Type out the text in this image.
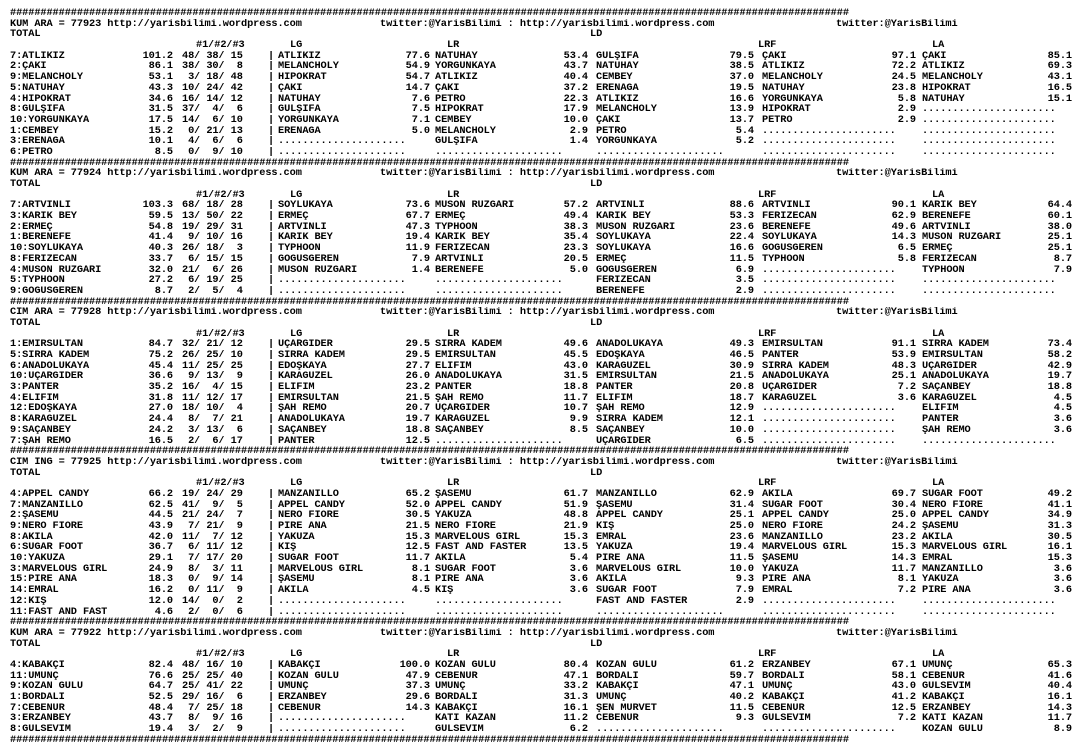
##########################################################################################################################################
KUM ARA = 77923 http://yarisbilimi.wordpress.com	twitter:@YarisBilimi : http://yarisbilimi.wordpress.com	twitter:@YarisBilimi
TOTAL	LD
#1/#2/#3	LG	LR	LRF	LA
7:ATLIKIZ	101.2 48/ 38/ 15	| ATLIKIZ	77.6 NATUHAY	53.4 GÜLŞİFA	79.5 ÇAKI	97.1 ÇAKI	85.1
2:ÇAKI	86.1 38/ 30/  8	| MELANCHOLY	54.9 YORGUNKAYA	43.7 NATUHAY	38.5 ATLIKIZ	72.2 ATLIKIZ	69.3
9:MELANCHOLY	53.1 3/ 18/ 48	| HİPOKRAT	54.7 ATLIKIZ	40.4 CEMBEY	37.0 MELANCHOLY	24.5 MELANCHOLY	43.1
5:NATUHAY	43.3 10/ 24/ 42	| ÇAKI	14.7 ÇAKI	37.2 ERENAĞA	19.5 NATUHAY	23.8 HİPOKRAT	16.5
4:HİPOKRAT	34.6 16/ 14/ 12	| NATUHAY	7.6 PETRO	22.3 ATLIKIZ	16.6 YORGUNKAYA	5.8 NATUHAY	15.1
8:GÜLŞİFA	31.5 37/  4/  6	| GÜLŞİFA	7.5 HİPOKRAT	17.9 MELANCHOLY	13.9 HİPOKRAT	2.9 ......................
10:YORGUNKAYA	17.5 14/  6/ 10	| YORGUNKAYA	7.1 CEMBEY	10.0 ÇAKI	13.7 PETRO	2.9 ......................
1:CEMBEY	15.2 0/ 21/ 13	| ERENAĞA	5.0 MELANCHOLY	2.9 PETRO	5.4 ......................	......................
3:ERENAĞA	10.1 4/  6/  6	| .....................	GÜLŞİFA	1.4 YORGUNKAYA	5.2 ......................	......................
6:PETRO	8.5 0/  9/ 10	| .....................	.....................	.....................	......................	......................
##########################################################################################################################################
KUM ARA = 77924 http://yarisbilimi.wordpress.com	twitter:@YarisBilimi : http://yarisbilimi.wordpress.com	twitter:@YarisBilimi
TOTAL	LD
#1/#2/#3	LG	LR	LRF	LA
7:ARTVİNLİ	103.3 68/ 18/ 28	| SOYLUKAYA	73.6 MUSON RÜZGARI	57.2 ARTVİNLİ	88.6 ARTVİNLİ	90.1 KARIK BEY	64.4
3:KARIK BEY	59.5 13/ 50/ 22	| ERMEÇ	67.7 ERMEÇ	49.4 KARIK BEY	53.3 FERİZECAN	62.9 BERENEFE	60.1
2:ERMEÇ	54.8 19/ 29/ 31	| ARTVİNLİ	47.3 TYPHOON	38.3 MUSON RÜZGARI	23.6 BERENEFE	49.6 ARTVİNLİ	38.0
1:BERENEFE	41.4 9/ 10/ 16	| KARIK BEY	19.4 KARIK BEY	35.4 SOYLUKAYA	22.4 SOYLUKAYA	14.3 MUSON RÜZGARI	25.1
10:SOYLUKAYA	40.3 26/ 18/  3	| TYPHOON	11.9 FERİZECAN	23.3 SOYLUKAYA	16.6 GÖĞÜSGEREN	6.5 ERMEÇ	25.1
8:FERİZECAN	33.7 6/ 15/ 15	| GÖĞÜSGEREN	7.9 ARTVİNLİ	20.5 ERMEÇ	11.5 TYPHOON	5.8 FERİZECAN	8.7
4:MUSON RÜZGARI	32.0 21/  6/ 26	| MUSON RÜZGARI	1.4 BERENEFE	5.0 GÖĞÜSGEREN	6.9 ......................	TYPHOON	7.9
5:TYPHOON	27.2 6/ 19/ 25	| .....................	.....................	FERİZECAN	3.5 ......................	......................
9:GÖĞÜSGEREN	8.7 2/  5/  4	| .....................	.....................	BERENEFE	2.9 ......................	......................
##########################################################################################################################################
CIM ARA = 77928 http://yarisbilimi.wordpress.com	twitter:@YarisBilimi : http://yarisbilimi.wordpress.com	twitter:@YarisBilimi
TOTAL	LD
#1/#2/#3	LG	LR	LRF	LA
1:EMİRSULTAN	84.7 32/ 21/ 12	| UÇARGİDER	29.5 SIRRA KADEM	49.6 ANADOLUKAYA	49.3 EMİRSULTAN	91.1 SIRRA KADEM	73.4
5:SIRRA KADEM	75.2 26/ 25/ 10	| SIRRA KADEM	29.5 EMİRSULTAN	45.5 EDOŞKAYA	46.5 PANTER	53.9 EMİRSULTAN	58.2
6:ANADOLUKAYA	45.4 11/ 25/ 25	| EDOŞKAYA	27.7 ELİFİM	43.0 KARAGÜZEL	30.9 SIRRA KADEM	48.3 UÇARGİDER	42.9
10:UÇARGİDER	36.6 9/ 13/  9	| KARAGÜZEL	26.0 ANADOLUKAYA	31.5 EMİRSULTAN	21.5 ANADOLUKAYA	25.1 ANADOLUKAYA	19.7
3:PANTER	35.2 16/  4/ 15	| ELİFİM	23.2 PANTER	18.8 PANTER	20.8 UÇARGİDER	7.2 SAÇANBEY	18.8
4:ELİFİM	31.8 11/ 12/ 17	| EMİRSULTAN	21.5 ŞAH REMO	11.7 ELİFİM	18.7 KARAGÜZEL	3.6 KARAGÜZEL	4.5
12:EDOŞKAYA	27.0 18/ 10/  4	| ŞAH REMO	20.7 UÇARGİDER	10.7 ŞAH REMO	12.9 ......................	ELİFİM	4.5
8:KARAGÜZEL	24.4 8/  7/ 21	| ANADOLUKAYA	19.7 KARAGÜZEL	9.9 SIRRA KADEM	12.1 ......................	PANTER	3.6
9:SAÇANBEY	24.2 3/ 13/  6	| SAÇANBEY	18.8 SAÇANBEY	8.5 SAÇANBEY	10.0 ......................	ŞAH REMO	3.6
7:ŞAH REMO	16.5 2/  6/ 17	| PANTER	12.5 .....................	UÇARGİDER	6.5 ......................	......................
##########################################################################################################################################
CIM ING = 77925 http://yarisbilimi.wordpress.com	twitter:@YarisBilimi : http://yarisbilimi.wordpress.com	twitter:@YarisBilimi
TOTAL	LD
#1/#2/#3	LG	LR	LRF	LA
4:APPEL CANDY	66.2 19/ 24/ 29	| MANZANILLO	65.2 ŞASEMU	61.7 MANZANILLO	62.9 AKİLA	69.7 SUGAR FOOT	49.2
7:MANZANILLO	62.5 41/  9/  5	| APPEL CANDY	52.0 APPEL CANDY	51.9 ŞASEMU	31.4 SUGAR FOOT	30.4 NERO FIORE	41.1
2:ŞASEMU	44.5 21/ 24/  7	| NERO FIORE	30.5 YAKUZA	48.8 APPEL CANDY	25.1 APPEL CANDY	25.0 APPEL CANDY	34.9
9:NERO FIORE	43.9 7/ 21/  9	| PİRE ANA	21.5 NERO FIORE	21.9 KIŞ	25.0 NERO FIORE	24.2 ŞASEMU	31.3
8:AKİLA	42.0 11/  7/ 12	| YAKUZA	15.3 MARVELOUS GIRL	15.3 EMRAL	23.6 MANZANILLO	23.2 AKİLA	30.5
6:SUGAR FOOT	36.7 6/ 11/ 12	| KIŞ	12.5 FAST AND FASTER	13.5 YAKUZA	19.4 MARVELOUS GIRL	15.3 MARVELOUS GIRL	16.1
10:YAKUZA	29.1 7/ 17/ 20	| SUGAR FOOT	11.7 AKİLA	5.4 PİRE ANA	11.5 ŞASEMU	14.3 EMRAL	15.3
3:MARVELOUS GIRL	24.9 8/  3/ 11	| MARVELOUS GIRL	8.1 SUGAR FOOT	3.6 MARVELOUS GIRL	10.0 YAKUZA	11.7 MANZANILLO	3.6
15:PİRE ANA	18.3 0/  9/ 14	| ŞASEMU	8.1 PİRE ANA	3.6 AKİLA	9.3 PİRE ANA	8.1 YAKUZA	3.6
14:EMRAL	16.2 0/ 11/  9	| AKİLA	4.5 KIŞ	3.6 SUGAR FOOT	7.9 EMRAL	7.2 PİRE ANA	3.6
12:KIŞ	12.0 14/  0/  2	| .....................	.....................	FAST AND FASTER	2.9 ......................	......................
11:FAST AND FAST	4.6 2/  0/  6	| .....................	.....................	.....................	......................	......................
##########################################################################################################################################
KUM ARA = 77922 http://yarisbilimi.wordpress.com	twitter:@YarisBilimi : http://yarisbilimi.wordpress.com	twitter:@YarisBilimi
TOTAL	LD
#1/#2/#3	LG	LR	LRF	LA
4:KABAKÇI	82.4 48/ 16/ 10	| KABAKÇI	100.0 KOZAN GÜLÜ	80.4 KOZAN GÜLÜ	61.2 ERZANBEY	67.1 UMUNÇ	65.3
11:UMUNÇ	76.6 25/ 25/ 40	| KOZAN GÜLÜ	47.9 CEBENUR	47.1 BORDALI	59.7 BORDALI	58.1 CEBENUR	41.6
9:KOZAN GÜLÜ	64.7 25/ 41/ 22	| UMUNÇ	37.3 UMUNÇ	33.2 KABAKÇI	47.1 UMUNÇ	43.0 GÜLSEVİM	40.4
1:BORDALI	52.5 29/ 16/  6	| ERZANBEY	29.6 BORDALI	31.3 UMUNÇ	40.2 KABAKÇI	41.2 KABAKÇI	16.1
7:CEBENUR	48.4 7/ 25/ 18	| CEBENUR	14.3 KABAKÇI	16.1 ŞEN MÜRVET	11.5 CEBENUR	12.5 ERZANBEY	14.3
3:ERZANBEY	43.7 8/  9/ 16	| .....................	KATI KAZAN	11.2 CEBENUR	9.3 GÜLSEVİM	7.2 KATI KAZAN	11.7
8:GÜLSEVİM	19.4 3/  2/  9	| .....................	GÜLSEVİM	6.2 .....................	......................	KOZAN GÜLÜ	8.9
##########################################################################################################################################
